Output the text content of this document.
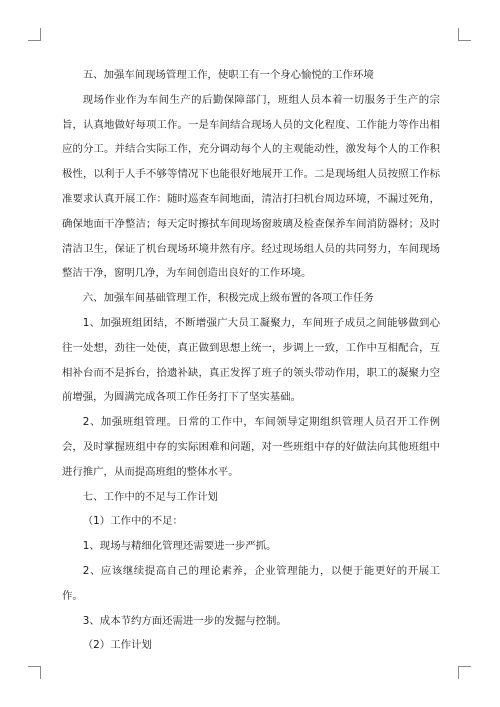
五、加强车间现场管理工作，使职工有一个身心愉悦的工作环境

现场作业作为车间生产的后勤保障部门，班组人员本着一切服务于生产的宗旨，认真地做好每项工作。一是车间结合现场人员的文化程度、工作能力等作出相应的分工。并结合实际工作，充分调动每个人的主观能动性，激发每个人的工作积极性，以利于人手不够等情况下也能很好地展开工作。二是现场组人员按照工作标准要求认真开展工作：随时巡查车间地面，清洁打扫机台周边环境，不漏过死角，确保地面干净整洁；每天定时擦拭车间现场窗玻璃及检查保养车间消防器材；及时清洁卫生，保证了机台现场环境井然有序。经过现场组人员的共同努力，车间现场整洁干净，窗明几净，为车间创造出良好的工作环境。

六、加强车间基础管理工作，积极完成上级布置的各项工作任务

1、加强班组团结，不断增强广大员工凝聚力，车间班子成员之间能够做到心往一处想，劲往一处使，真正做到思想上统一，步调上一致，工作中互相配合，互相补台而不是拆台，拾遗补缺，真正发挥了班子的领头带动作用，职工的凝聚力空前增强，为圆满完成各项工作任务打下了坚实基础。

2、加强班组管理。日常的工作中，车间领导定期组织管理人员召开工作例会，及时掌握班组中存的实际困难和问题，对一些班组中存的好做法向其他班组中进行推广，从而提高班组的整体水平。

七、工作中的不足与工作计划

（1）工作中的不足：

1、现场与精细化管理还需要进一步严抓。

2、应该继续提高自己的理论素养，企业管理能力，以便于能更好的开展工作。

3、成本节约方面还需进一步的发掘与控制。

（2）工作计划
